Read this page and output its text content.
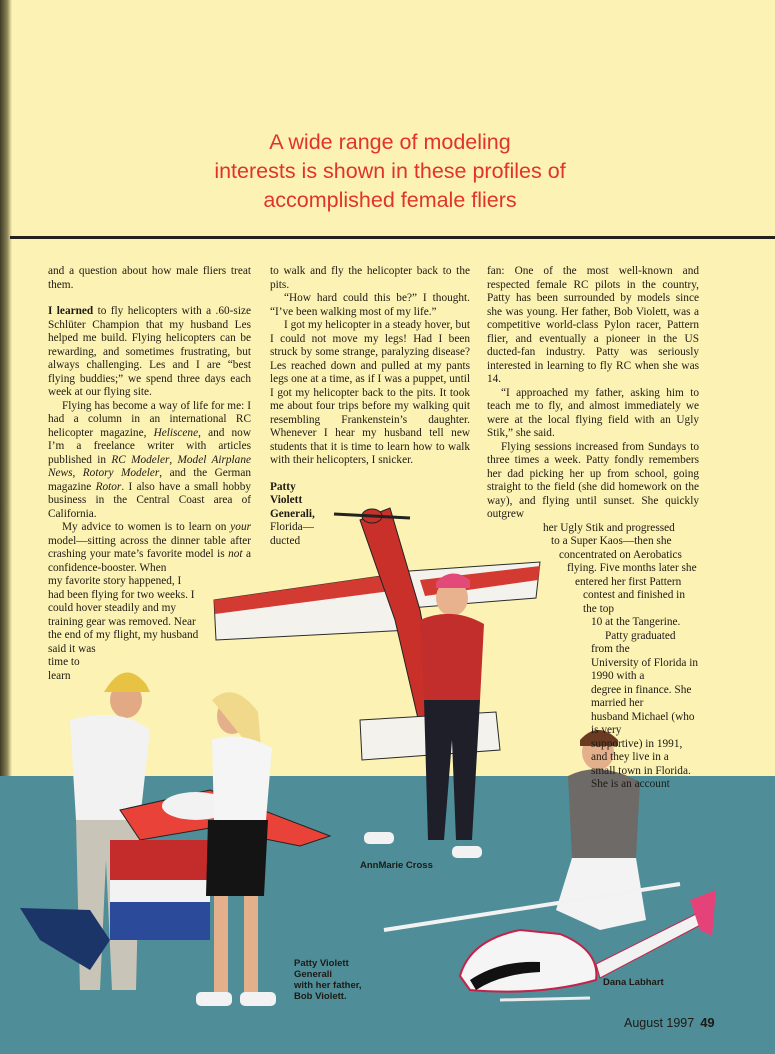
A wide range of modeling
interests is shown in these profiles of
accomplished female fliers

and a question about how male fliers treat them.

I learned to fly helicopters with a .60-size Schlüter Champion that my husband Les helped me build. Flying helicopters can be rewarding, and sometimes frustrating, but always challenging. Les and I are “best flying buddies;” we spend three days each week at our flying site.

Flying has become a way of life for me: I had a column in an international RC helicopter magazine, Heliscene, and now I’m a freelance writer with articles published in RC Modeler, Model Airplane News, Rotory Modeler, and the German magazine Rotor. I also have a small hobby business in the Central Coast area of California.

My advice to women is to learn on your model—sitting across the dinner table after crashing your mate’s favorite model is not a confidence-booster. When

my favorite story happened, I
had been flying for two weeks. I
could hover steadily and my
training gear was removed. Near
the end of my flight, my husband
said it was
time to
learn

to walk and fly the helicopter back to the pits.

“How hard could this be?” I thought. “I’ve been walking most of my life.”

I got my helicopter in a steady hover, but I could not move my legs! Had I been struck by some strange, paralyzing disease? Les reached down and pulled at my pants legs one at a time, as if I was a puppet, until I got my helicopter back to the pits. It took me about four trips before my walking quit resembling Frankenstein’s daughter. Whenever I hear my husband tell new students that it is time to learn how to walk with their helicopters, I snicker.

Patty
Violett
Generali,
Florida—
ducted

fan: One of the most well-known and respected female RC pilots in the country, Patty has been surrounded by models since she was young. Her father, Bob Violett, was a competitive world-class Pylon racer, Pattern flier, and eventually a pioneer in the US ducted-fan industry. Patty was seriously interested in learning to fly RC when she was 14.

“I approached my father, asking him to teach me to fly, and almost immediately we were at the local flying field with an Ugly Stik,” she said.

Flying sessions increased from Sundays to three times a week. Patty fondly remembers her dad picking her up from school, going straight to the field (she did homework on the way), and flying until sunset. She quickly outgrew

her Ugly Stik and progressed
to a Super Kaos—then she
concentrated on Aerobatics
flying. Five months later she
entered her first Pattern
contest and finished in the top
10 at the Tangerine.

Patty graduated from the
University of Florida in 1990 with a
degree in finance. She married her
husband Michael (who is very
supportive) in 1991, and they live in a
small town in Florida. She is an account

AnnMarie Cross
Patty Violett
Generali
with her father,
Bob Violett.
Dana Labhart
August 1997 49
